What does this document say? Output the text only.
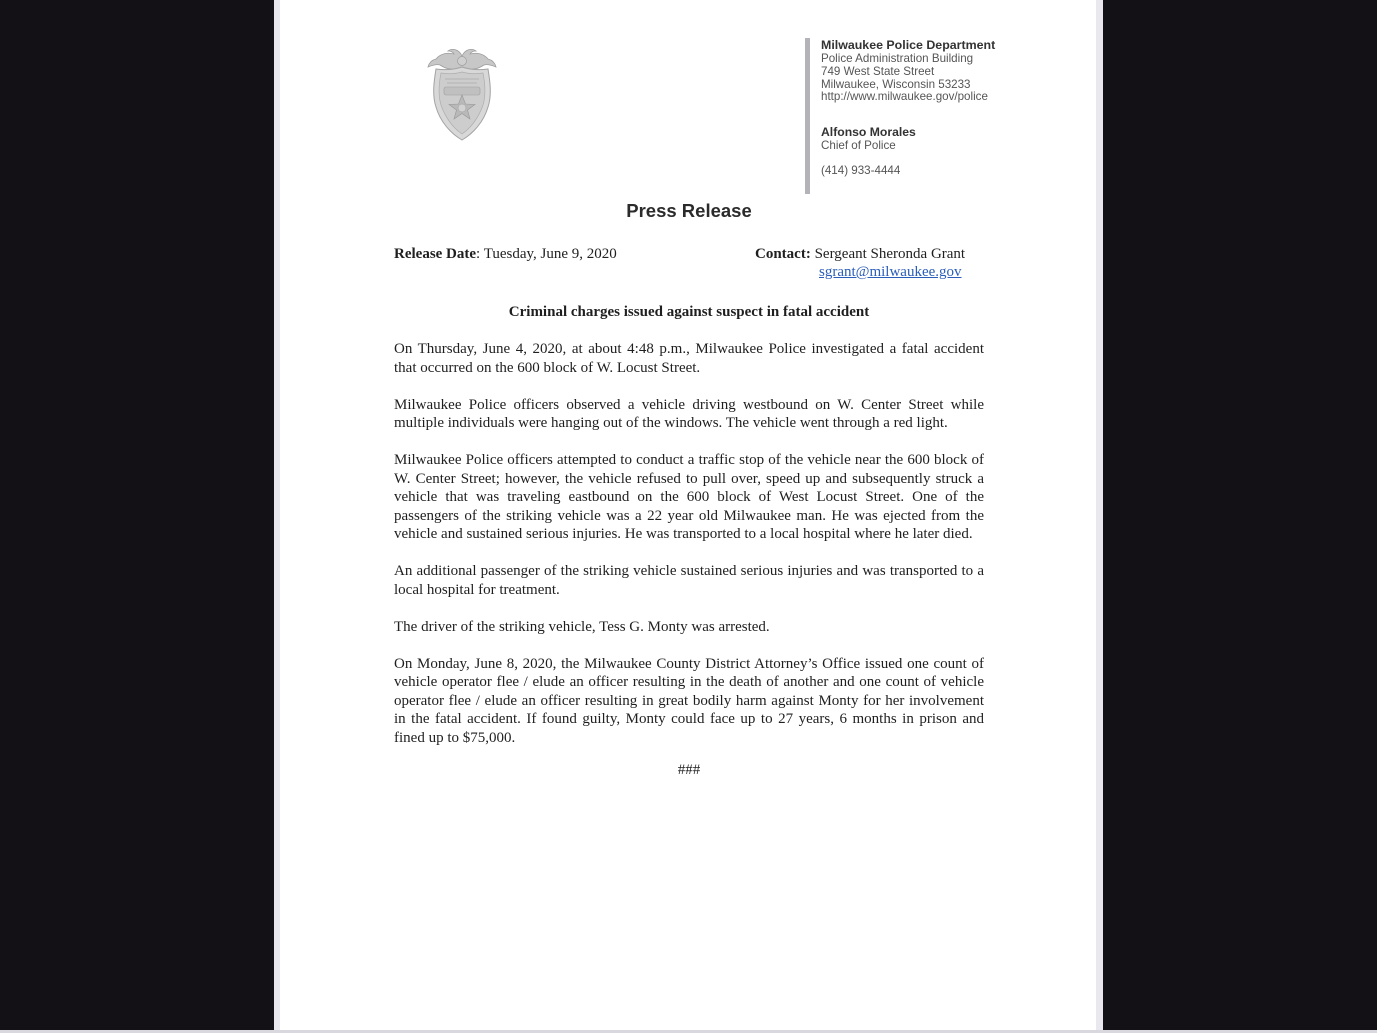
Milwaukee Police Department
Police Administration Building
749 West State Street
Milwaukee, Wisconsin 53233
http://www.milwaukee.gov/police
Alfonso Morales
Chief of Police
(414) 933-4444
Press Release
Release Date: Tuesday, June 9, 2020	Contact: Sergeant Sheronda Grant
sgrant@milwaukee.gov
Criminal charges issued against suspect in fatal accident

On Thursday, June 4, 2020, at about 4:48 p.m., Milwaukee Police investigated a fatal accident that occurred on the 600 block of W. Locust Street.

Milwaukee Police officers observed a vehicle driving westbound on W. Center Street while multiple individuals were hanging out of the windows. The vehicle went through a red light.

Milwaukee Police officers attempted to conduct a traffic stop of the vehicle near the 600 block of W. Center Street; however, the vehicle refused to pull over, speed up and subsequently struck a vehicle that was traveling eastbound on the 600 block of West Locust Street. One of the passengers of the striking vehicle was a 22 year old Milwaukee man. He was ejected from the vehicle and sustained serious injuries. He was transported to a local hospital where he later died.

An additional passenger of the striking vehicle sustained serious injuries and was transported to a local hospital for treatment.

The driver of the striking vehicle, Tess G. Monty was arrested.

On Monday, June 8, 2020, the Milwaukee County District Attorney’s Office issued one count of vehicle operator flee / elude an officer resulting in the death of another and one count of vehicle operator flee / elude an officer resulting in great bodily harm against Monty for her involvement in the fatal accident. If found guilty, Monty could face up to 27 years, 6 months in prison and fined up to $75,000.

###
